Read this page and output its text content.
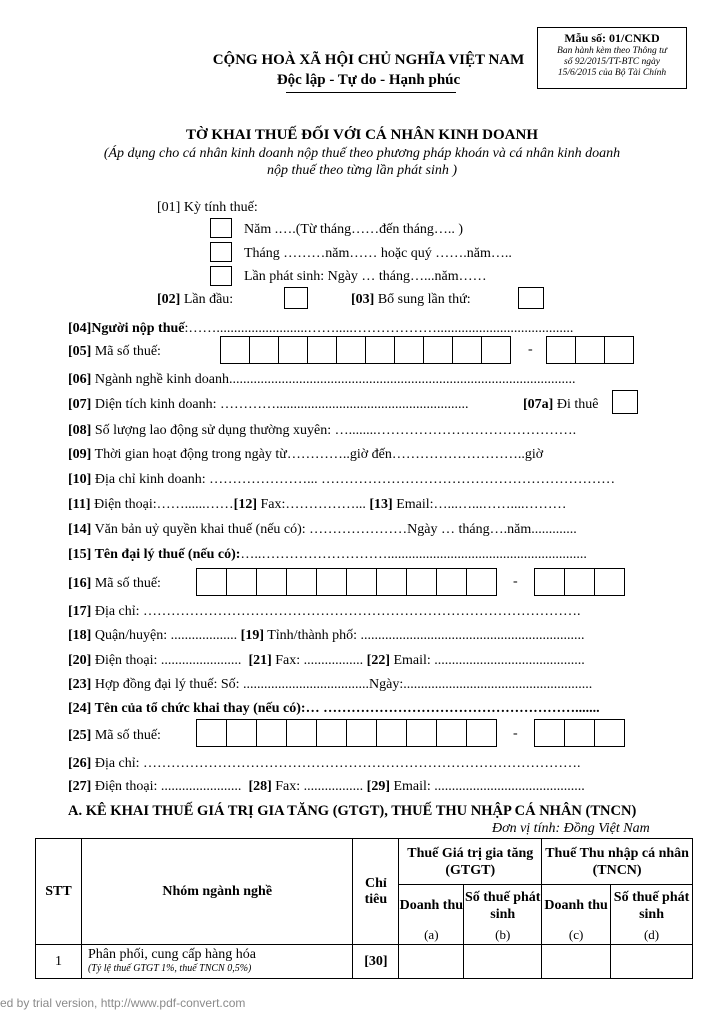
Mẫu số: 01/CNKD
Ban hành kèm theo Thông tư
số 92/2015/TT-BTC ngày
15/6/2015 của Bộ Tài Chính
CỘNG HOÀ XÃ HỘI CHỦ NGHĨA VIỆT NAM
Độc lập - Tự do - Hạnh phúc
TỜ KHAI THUẾ ĐỐI VỚI CÁ NHÂN KINH DOANH
(Áp dụng cho cá nhân kinh doanh nộp thuế theo phương pháp khoán và cá nhân kinh doanh
nộp thuế theo từng lần phát sinh )
[01] Kỳ tính thuế:
Năm .….(Từ tháng……đến tháng….. )
Tháng ………năm…… hoặc quý …….năm…..
Lần phát sinh: Ngày … tháng…...năm……
[02] Lần đầu:	[03] Bổ sung lần thứ:
[04]Người nộp thuế:……..........................…….....……………….......................................
[05] Mã số thuế:	-
[06] Ngành nghề kinh doanh...................................................................................................
[07] Diện tích kinh doanh: ………….......................................................	[07a] Đi thuê
[08] Số lượng lao động sử dụng thường xuyên: …........…………………………………….
[09] Thời gian hoạt động trong ngày từ…………..giờ đến………………………..giờ
[10] Địa chỉ kinh doanh: …………………... ………………………………………………………
[11] Điện thoại:……......……[12] Fax:……………... [13] Email:…...…...……....………
[14] Văn bản uỷ quyền khai thuế (nếu có): …………………Ngày … tháng….năm.............
[15] Tên đại lý thuế (nếu có):…..……………………….........................................................
[16] Mã số thuế:	-
[17] Địa chỉ: ………………………………………………………………………………….
[18] Quận/huyện: ................... [19] Tỉnh/thành phố: ................................................................
[20] Điện thoại: ....................... [21] Fax: ................. [22] Email: ...........................................
[23] Hợp đồng đại lý thuế: Số: ....................................Ngày:......................................................
[24] Tên của tổ chức khai thay (nếu có):… ……………………………………………….......
[25] Mã số thuế:	-
[26] Địa chỉ: ………………………………………………………………………………….
[27] Điện thoại: ....................... [28] Fax: ................. [29] Email: ...........................................
A. KÊ KHAI THUẾ GIÁ TRỊ GIA TĂNG (GTGT), THUẾ THU NHẬP CÁ NHÂN (TNCN)
Đơn vị tính: Đồng Việt Nam
STT	Nhóm ngành nghề	Chỉ tiêu	Thuế Giá trị gia tăng (GTGT)		Thuế Thu nhập cá nhân (TNCN)	
			Doanh thu	Số thuế phát sinh	Doanh thu	Số thuế phát sinh
			(a)	(b)	(c)	(d)
1	Phân phối, cung cấp hàng hóa
(Tỷ lệ thuế GTGT 1%, thuế TNCN 0,5%)	[30]				
ed by trial version, http://www.pdf-convert.com
